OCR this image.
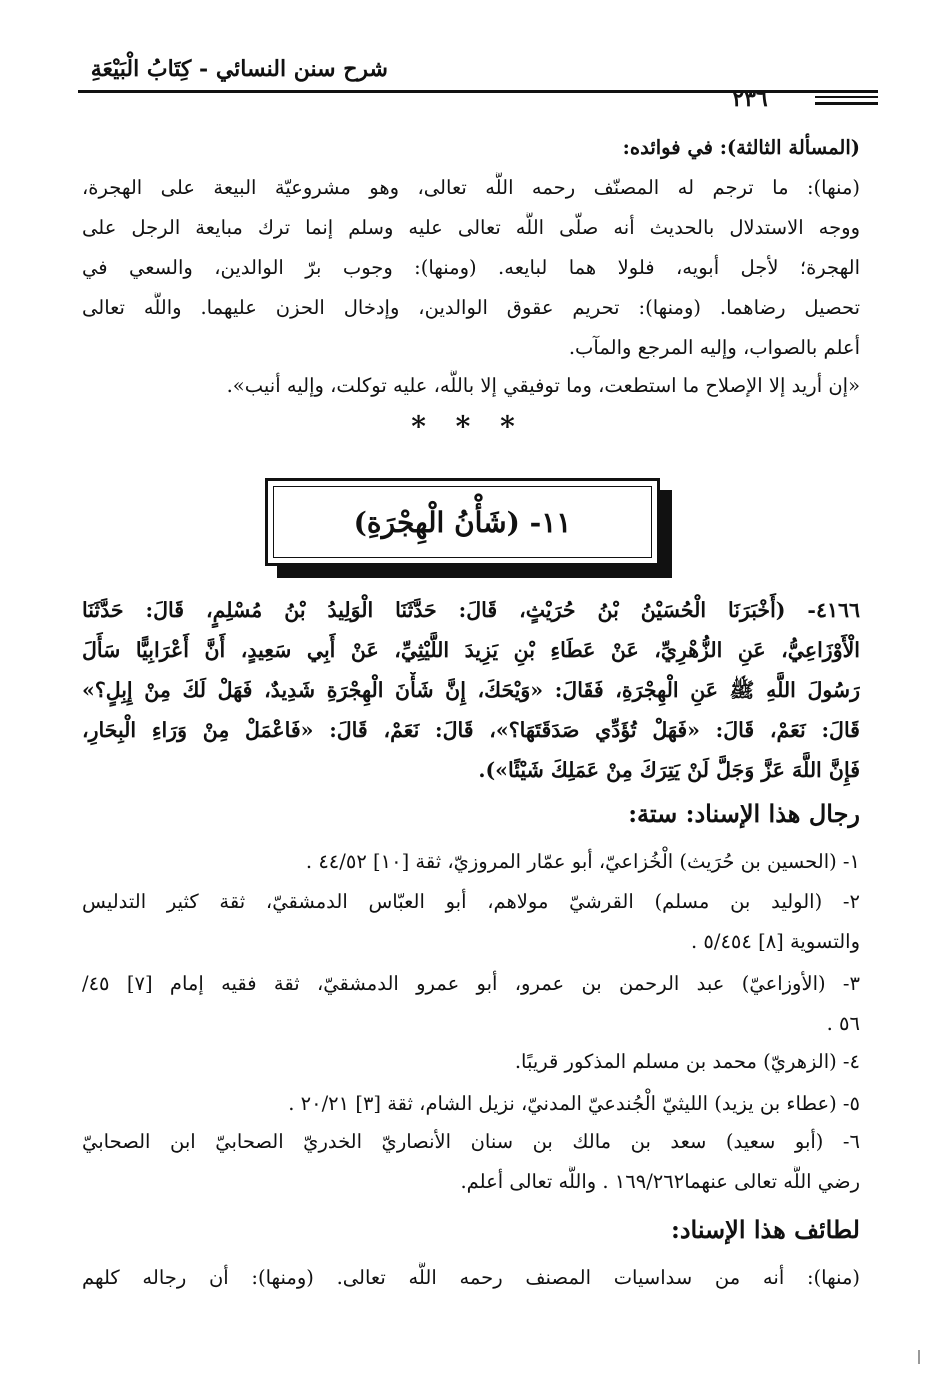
شرح سنن النسائي - كِتَابُ الْبَيْعَةِ
٢٣٦
(المسألة الثالثة): في فوائده:
(منها): ما ترجم له المصنّف رحمه اللَّه تعالى، وهو مشروعيّة البيعة على الهجرة،
ووجه الاستدلال بالحديث أنه صلّى اللَّه تعالى عليه وسلم إنما ترك مبايعة الرجل على
الهجرة؛ لأجل أبويه، فلولا هما لبايعه. (ومنها): وجوب برّ الوالدين، والسعي في
تحصيل رضاهما. (ومنها): تحريم عقوق الوالدين، وإدخال الحزن عليهما. واللَّه تعالى
أعلم بالصواب، وإليه المرجع والمآب.
«إن أريد إلا الإصلاح ما استطعت، وما توفيقي إلا باللَّه، عليه توكلت، وإليه أنيب».
* * *
١١- (شَأْنُ الْهِجْرَةِ)
٤١٦٦- (أَخْبَرَنَا الْحُسَيْنُ بْنُ حُرَيْثٍ، قَالَ: حَدَّثَنَا الْوَلِيدُ بْنُ مُسْلِمٍ، قَالَ: حَدَّثَنَا
الْأَوْزَاعِيُّ، عَنِ الزُّهْرِيِّ، عَنْ عَطَاءِ بْنِ يَزِيدَ اللَّيْثِيِّ، عَنْ أَبِي سَعِيدٍ، أَنَّ أَعْرَابِيًّا سَأَلَ
رَسُولَ اللَّهِ ﷺ عَنِ الْهِجْرَةِ، فَقَالَ: «وَيْحَكَ، إِنَّ شَأْنَ الْهِجْرَةِ شَدِيدٌ، فَهَلْ لَكَ مِنْ إِبِلٍ؟»
قَالَ: نَعَمْ، قَالَ: «فَهَلْ تُؤَدِّي صَدَقَتَهَا؟»، قَالَ: نَعَمْ، قَالَ: «فَاعْمَلْ مِنْ وَرَاءِ الْبِحَارِ،
فَإِنَّ اللَّهَ عَزَّ وَجَلَّ لَنْ يَتِرَكَ مِنْ عَمَلِكَ شَيْئًا»).
رجال هذا الإسناد: ستة:
١- (الحسين بن حُرَيث) الْخُزاعيّ، أبو عمّار المروزيّ، ثقة [١٠] ٤٤/٥٢ .
٢- (الوليد بن مسلم) القرشيّ مولاهم، أبو العبّاس الدمشقيّ، ثقة كثير التدليس
والتسوية [٨] ٥/٤٥٤ .
٣- (الأوزاعيّ) عبد الرحمن بن عمرو، أبو عمرو الدمشقيّ، ثقة فقيه إمام [٧] ٤٥/
٥٦ .
٤- (الزهريّ) محمد بن مسلم المذكور قريبًا.
٥- (عطاء بن يزيد) الليثيّ الْجُندعيّ المدنيّ، نزيل الشام، ثقة [٣] ٢٠/٢١ .
٦- (أبو سعيد) سعد بن مالك بن سنان الأنصاريّ الخدريّ الصحابيّ ابن الصحابيّ
رضي اللَّه تعالى عنهما١٦٩/٢٦٢ . واللَّه تعالى أعلم.
لطائف هذا الإسناد:
(منها): أنه من سداسيات المصنف رحمه اللَّه تعالى. (ومنها): أن رجاله كلهم
